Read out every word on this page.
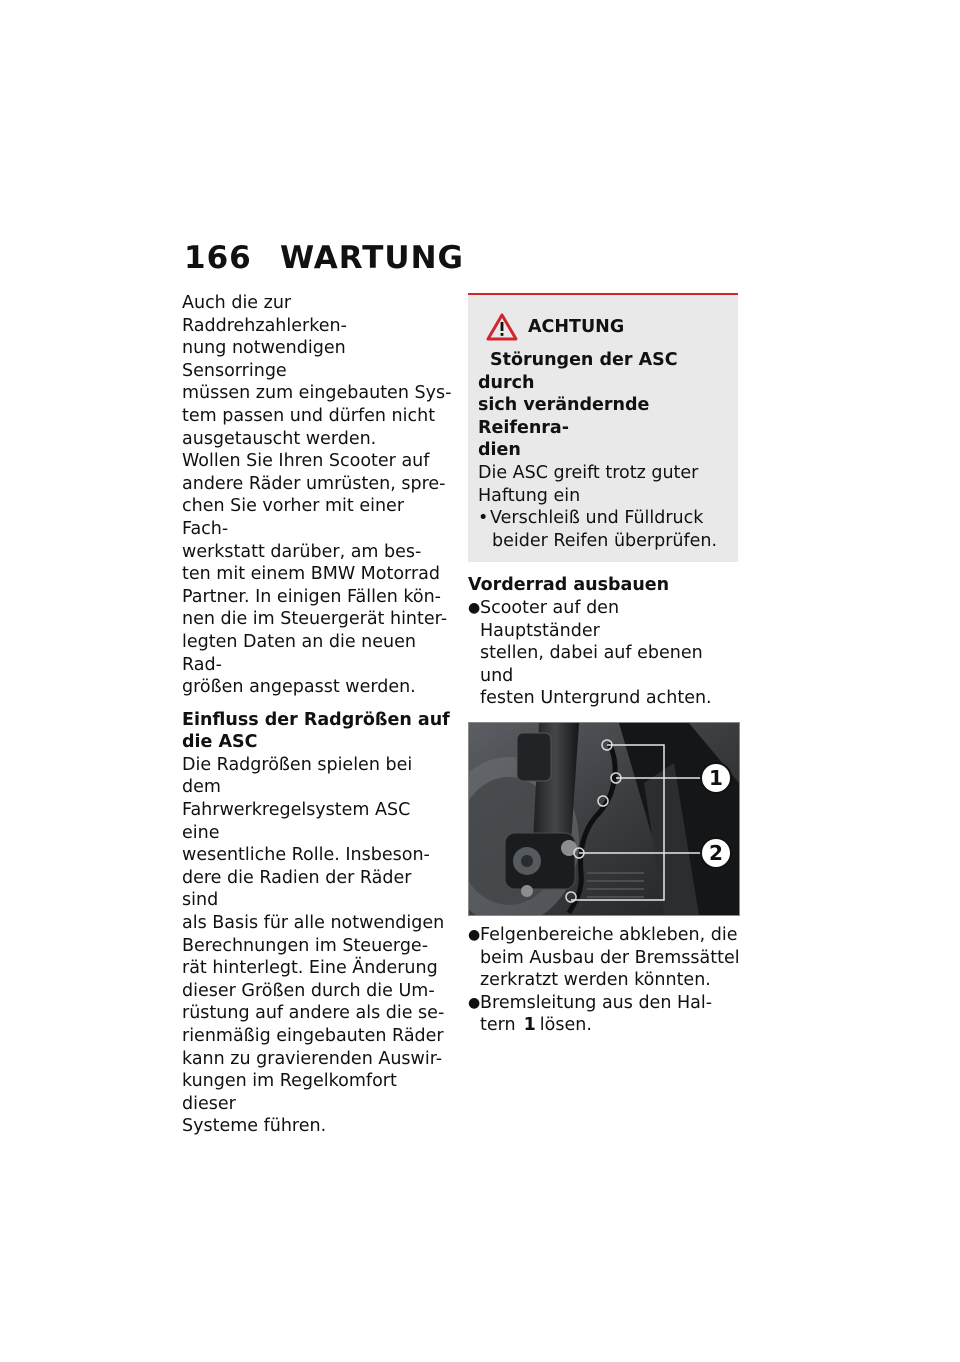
166 WARTUNG

Auch die zur Raddrehzahlerken-
nung notwendigen Sensorringe
müssen zum eingebauten Sys-
tem passen und dürfen nicht
ausgetauscht werden.

Wollen Sie Ihren Scooter auf
andere Räder umrüsten, spre-
chen Sie vorher mit einer Fach-
werkstatt darüber, am bes-
ten mit einem BMW Motorrad
Partner. In einigen Fällen kön-
nen die im Steuergerät hinter-
legten Daten an die neuen Rad-
größen angepasst werden.

Einfluss der Radgrößen auf
die ASC

Die Radgrößen spielen bei dem
Fahrwerkregelsystem ASC eine
wesentliche Rolle. Insbeson-
dere die Radien der Räder sind
als Basis für alle notwendigen
Berechnungen im Steuerge-
rät hinterlegt. Eine Änderung
dieser Größen durch die Um-
rüstung auf andere als die se-
rienmäßig eingebauten Räder
kann zu gravierenden Auswir-
kungen im Regelkomfort dieser
Systeme führen.

ACHTUNG
Störungen der ASC durch
sich verändernde Reifenra-
dien

Die ASC greift trotz guter
Haftung ein

• Verschleiß und Fülldruck
beider Reifen überprüfen.
Vorderrad ausbauen
● Scooter auf den Hauptständer
stellen, dabei auf ebenen und
festen Untergrund achten.
1
2
● Felgenbereiche abkleben, die
beim Ausbau der Bremssättel
zerkratzt werden könnten.
● Bremsleitung aus den Hal-
tern 1 lösen.
